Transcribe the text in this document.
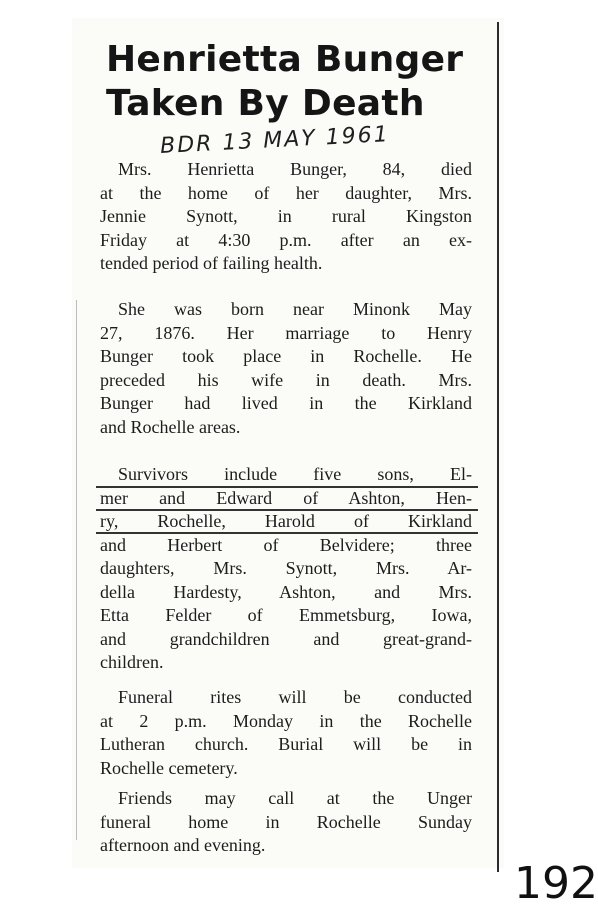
Henrietta Bunger
Taken By Death
BDR 13 MAY 1961
Mrs. Henrietta Bunger, 84, died
at the home of her daughter, Mrs.
Jennie Synott, in rural Kingston
Friday at 4:30 p.m. after an ex-
tended period of failing health.
She was born near Minonk May
27, 1876. Her marriage to Henry
Bunger took place in Rochelle. He
preceded his wife in death. Mrs.
Bunger had lived in the Kirkland
and Rochelle areas.
Survivors include five sons, El-
mer and Edward of Ashton, Hen-
ry, Rochelle, Harold of Kirkland
and Herbert of Belvidere; three
daughters, Mrs. Synott, Mrs. Ar-
della Hardesty, Ashton, and Mrs.
Etta Felder of Emmetsburg, Iowa,
and grandchildren and great-grand-
children.
Funeral rites will be conducted
at 2 p.m. Monday in the Rochelle
Lutheran church. Burial will be in
Rochelle cemetery.
Friends may call at the Unger
funeral home in Rochelle Sunday
afternoon and evening.
192
